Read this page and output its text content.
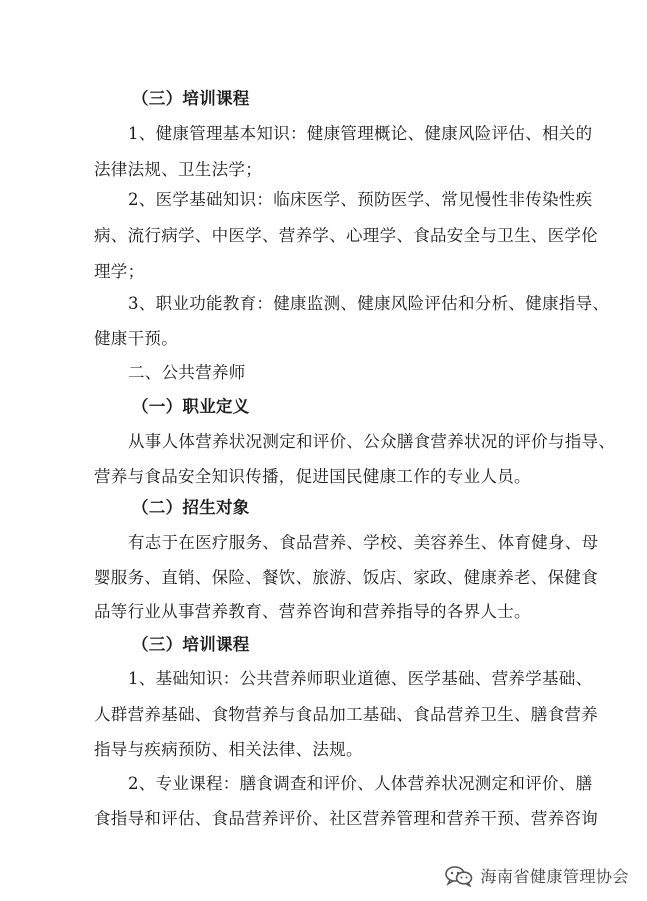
（三）培训课程
1、健康管理基本知识：健康管理概论、健康风险评估、相关的
法律法规、卫生法学；
2、医学基础知识：临床医学、预防医学、常见慢性非传染性疾
病、流行病学、中医学、营养学、心理学、食品安全与卫生、医学伦
理学；
3、职业功能教育：健康监测、健康风险评估和分析、健康指导、
健康干预。
二、公共营养师
（一）职业定义
从事人体营养状况测定和评价、公众膳食营养状况的评价与指导、
营养与食品安全知识传播，促进国民健康工作的专业人员。
（二）招生对象
有志于在医疗服务、食品营养、学校、美容养生、体育健身、母
婴服务、直销、保险、餐饮、旅游、饭店、家政、健康养老、保健食
品等行业从事营养教育、营养咨询和营养指导的各界人士。
（三）培训课程
1、基础知识：公共营养师职业道德、医学基础、营养学基础、
人群营养基础、食物营养与食品加工基础、食品营养卫生、膳食营养
指导与疾病预防、相关法律、法规。
2、专业课程：膳食调查和评价、人体营养状况测定和评价、膳
食指导和评估、食品营养评价、社区营养管理和营养干预、营养咨询
海南省健康管理协会
